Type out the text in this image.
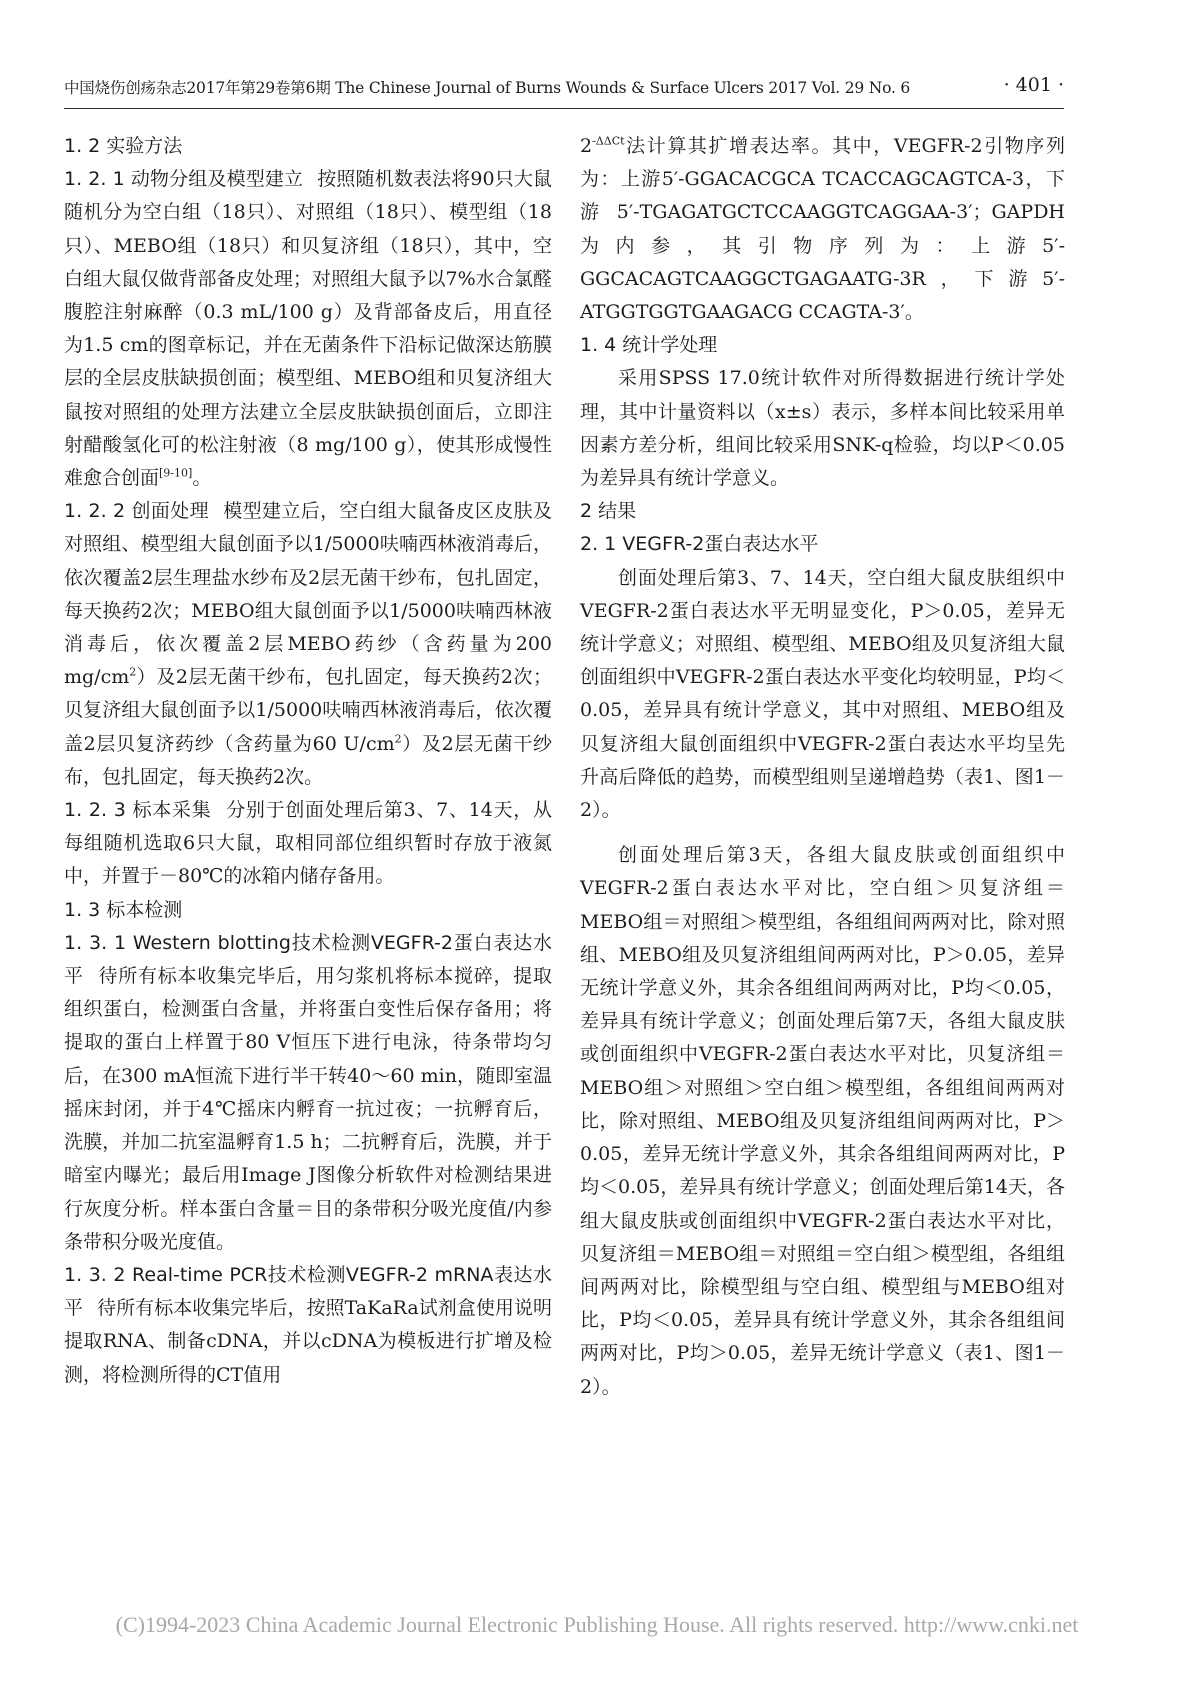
中国烧伤创疡杂志2017年第29卷第6期 The Chinese Journal of Burns Wounds & Surface Ulcers 2017 Vol. 29 No. 6	· 401 ·

1. 2 实验方法

1. 2. 1 动物分组及模型建立 按照随机数表法将90只大鼠随机分为空白组（18只）、对照组（18只）、模型组（18只）、MEBO组（18只）和贝复济组（18只），其中，空白组大鼠仅做背部备皮处理；对照组大鼠予以7%水合氯醛腹腔注射麻醉（0.3 mL/100 g）及背部备皮后，用直径为1.5 cm的图章标记，并在无菌条件下沿标记做深达筋膜层的全层皮肤缺损创面；模型组、MEBO组和贝复济组大鼠按对照组的处理方法建立全层皮肤缺损创面后，立即注射醋酸氢化可的松注射液（8 mg/100 g），使其形成慢性难愈合创面[9-10]。

1. 2. 2 创面处理 模型建立后，空白组大鼠备皮区皮肤及对照组、模型组大鼠创面予以1/5000呋喃西林液消毒后，依次覆盖2层生理盐水纱布及2层无菌干纱布，包扎固定，每天换药2次；MEBO组大鼠创面予以1/5000呋喃西林液消毒后，依次覆盖2层MEBO药纱（含药量为200 $mg/cm^2$）及2层无菌干纱布，包扎固定，每天换药2次；贝复济组大鼠创面予以1/5000呋喃西林液消毒后，依次覆盖2层贝复济药纱（含药量为60 $U/cm^2$）及2层无菌干纱布，包扎固定，每天换药2次。

1. 2. 3 标本采集 分别于创面处理后第3、7、14天，从每组随机选取6只大鼠，取相同部位组织暂时存放于液氮中，并置于－80℃的冰箱内储存备用。

1. 3 标本检测

1. 3. 1 Western blotting技术检测VEGFR-2蛋白表达水平 待所有标本收集完毕后，用匀浆机将标本搅碎，提取组织蛋白，检测蛋白含量，并将蛋白变性后保存备用；将提取的蛋白上样置于80 V恒压下进行电泳，待条带均匀后，在300 mA恒流下进行半干转40～60 min，随即室温摇床封闭，并于4℃摇床内孵育一抗过夜；一抗孵育后，洗膜，并加二抗室温孵育1.5 h；二抗孵育后，洗膜，并于暗室内曝光；最后用Image J图像分析软件对检测结果进行灰度分析。样本蛋白含量＝目的条带积分吸光度值/内参条带积分吸光度值。

1. 3. 2 Real-time PCR技术检测VEGFR-2 mRNA表达水平 待所有标本收集完毕后，按照TaKaRa试剂盒使用说明提取RNA、制备cDNA，并以cDNA为模板进行扩增及检测，将检测所得的CT值用

$2^{-\Delta\Delta Ct}$法计算其扩增表达率。其中，VEGFR-2引物序列为：上游5′-GGACACGCA TCACCAGCAGTCA-3，下游5′-TGAGATGCTCCAAGGTCAGGAA-3′；GAPDH为内参，其引物序列为：上游5′-GGCACAGTCAAGGCTGAGAATG-3R，下游5′-ATGGTGGTGAAGACG CCAGTA-3′。

1. 4 统计学处理

采用SPSS 17.0统计软件对所得数据进行统计学处理，其中计量资料以（x±s）表示，多样本间比较采用单因素方差分析，组间比较采用SNK-q检验，均以P＜0.05为差异具有统计学意义。

2 结果

2. 1 VEGFR-2蛋白表达水平

创面处理后第3、7、14天，空白组大鼠皮肤组织中VEGFR-2蛋白表达水平无明显变化，P＞0.05，差异无统计学意义；对照组、模型组、MEBO组及贝复济组大鼠创面组织中VEGFR-2蛋白表达水平变化均较明显，P均＜0.05，差异具有统计学意义，其中对照组、MEBO组及贝复济组大鼠创面组织中VEGFR-2蛋白表达水平均呈先升高后降低的趋势，而模型组则呈递增趋势（表1、图1－2）。

创面处理后第3天，各组大鼠皮肤或创面组织中VEGFR-2蛋白表达水平对比，空白组＞贝复济组＝MEBO组＝对照组＞模型组，各组组间两两对比，除对照组、MEBO组及贝复济组组间两两对比，P＞0.05，差异无统计学意义外，其余各组组间两两对比，P均＜0.05，差异具有统计学意义；创面处理后第7天，各组大鼠皮肤或创面组织中VEGFR-2蛋白表达水平对比，贝复济组＝MEBO组＞对照组＞空白组＞模型组，各组组间两两对比，除对照组、MEBO组及贝复济组组间两两对比，P＞0.05，差异无统计学意义外，其余各组组间两两对比，P均＜0.05，差异具有统计学意义；创面处理后第14天，各组大鼠皮肤或创面组织中VEGFR-2蛋白表达水平对比，贝复济组＝MEBO组＝对照组＝空白组＞模型组，各组组间两两对比，除模型组与空白组、模型组与MEBO组对比，P均＜0.05，差异具有统计学意义外，其余各组组间两两对比，P均＞0.05，差异无统计学意义（表1、图1－2）。

(C)1994-2023 China Academic Journal Electronic Publishing House. All rights reserved. http://www.cnki.net
